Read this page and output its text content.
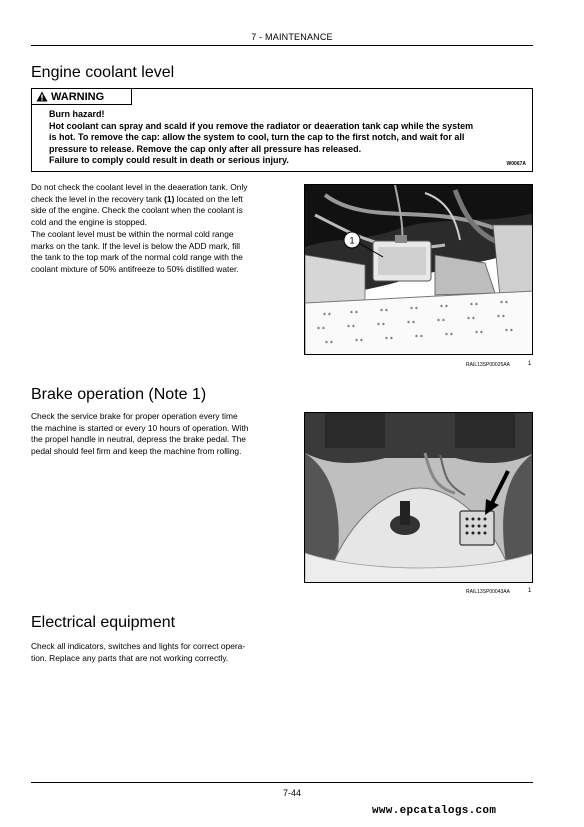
7 - MAINTENANCE
Engine coolant level
WARNING
Burn hazard!
Hot coolant can spray and scald if you remove the radiator or deaeration tank cap while the system
is hot. To remove the cap: allow the system to cool, turn the cap to the first notch, and wait for all
pressure to release. Remove the cap only after all pressure has released.
Failure to comply could result in death or serious injury.	W0067A
Do not check the coolant level in the deaeration tank. Only
check the level in the recovery tank (1) located on the left
side of the engine. Check the coolant when the coolant is
cold and the engine is stopped.
The coolant level must be within the normal cold range
marks on the tank. If the level is below the ADD mark, fill
the tank to the top mark of the normal cold range with the
coolant mixture of 50% antifreeze to 50% distilled water.
* *	* *	* *	* *	* *	* *	* *
* *	* *	* *	* *	* *	* *	* *
* *	* *	* *	* *	* *	* *	* *
1
RAIL13SP00025AA	1
Brake operation (Note 1)
Check the service brake for proper operation every time
the machine is started or every 10 hours of operation. With
the propel handle in neutral, depress the brake pedal. The
pedal should feel firm and keep the machine from rolling.
RAIL13SP00043AA	1
Electrical equipment
Check all indicators, switches and lights for correct opera-
tion. Replace any parts that are not working correctly.
7-44
www.epcatalogs.com
